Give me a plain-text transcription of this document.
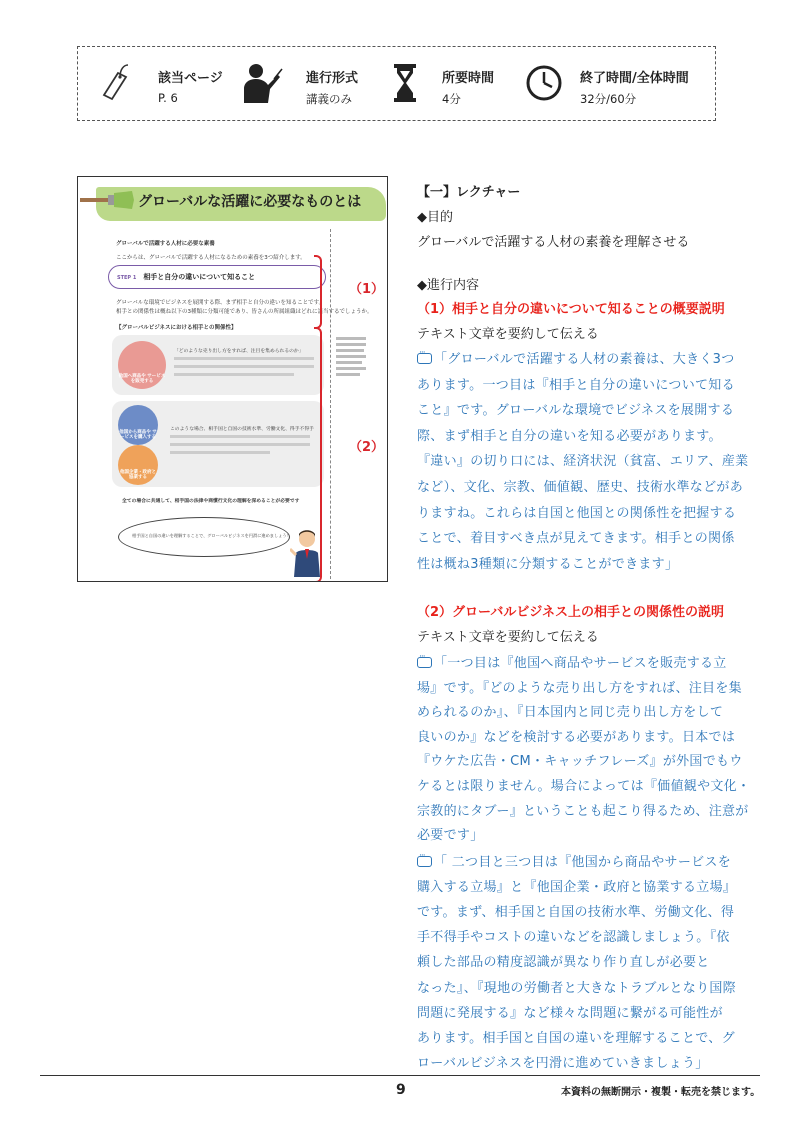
該当ページ
P. 6
進行形式
講義のみ
所要時間
4分
終了時間/全体時間
32分/60分
グローバルな活躍に必要なものとは
グローバルで活躍する人材に必要な素養
ここからは、グローバルで活躍する人材になるための素養を3つ紹介します。
STEP 1　 相手と自分の違いについて知ること
グローバルな環境でビジネスを展開する際、まず相手と自分の違いを知ることです。
相手との関係性は概ね以下の3種類に分類可能であり、皆さんの所属組織はどれに該当するでしょうか。
【グローバルビジネスにおける相手との関係性】
他国へ商品や サービスを販売する
「どのような売り出し方をすれば、注目を集められるのか」
他国から商品や サービスを購入する
他国企業・政府と 協業する
このような場合、相手国と自国の技術水準、労働文化、得手不得手
全ての場合に共通して、相手国の法律や商慣行文化の理解を深めることが必要です
相手国と自国の違いを理解することで、グローバルビジネスを円滑に進めましょう！
（1）
（2）
【一】レクチャー
◆目的
グローバルで活躍する人材の素養を理解させる
◆進行内容
（1）相手と自分の違いについて知ることの概要説明
テキスト文章を要約して伝える
···「グローバルで活躍する人材の素養は、大きく3つ
あります。一つ目は『相手と自分の違いについて知る
こと』です。グローバルな環境でビジネスを展開する
際、まず相手と自分の違いを知る必要があります。
『違い』の切り口には、経済状況（貧富、エリア、産業
など）、文化、宗教、価値観、歴史、技術水準などがあ
りますね。これらは自国と他国との関係性を把握する
ことで、着目すべき点が見えてきます。相手との関係
性は概ね3種類に分類することができます」
（2）グローバルビジネス上の相手との関係性の説明
テキスト文章を要約して伝える
···「一つ目は『他国へ商品やサービスを販売する立
場』です。『どのような売り出し方をすれば、注目を集
められるのか』、『日本国内と同じ売り出し方をして
良いのか』などを検討する必要があります。日本では
『ウケた広告・CM・キャッチフレーズ』が外国でもウ
ケるとは限りません。場合によっては『価値観や文化・
宗教的にタブー』ということも起こり得るため、注意が
必要です」
···「 二つ目と三つ目は『他国から商品やサービスを
購入する立場』と『他国企業・政府と協業する立場』
です。まず、相手国と自国の技術水準、労働文化、得
手不得手やコストの違いなどを認識しましょう。『依
頼した部品の精度認識が異なり作り直しが必要と
なった』、『現地の労働者と大きなトラブルとなり国際
問題に発展する』など様々な問題に繋がる可能性が
あります。相手国と自国の違いを理解することで、グ
ローバルビジネスを円滑に進めていきましょう」
9	本資料の無断開示・複製・転売を禁じます。
